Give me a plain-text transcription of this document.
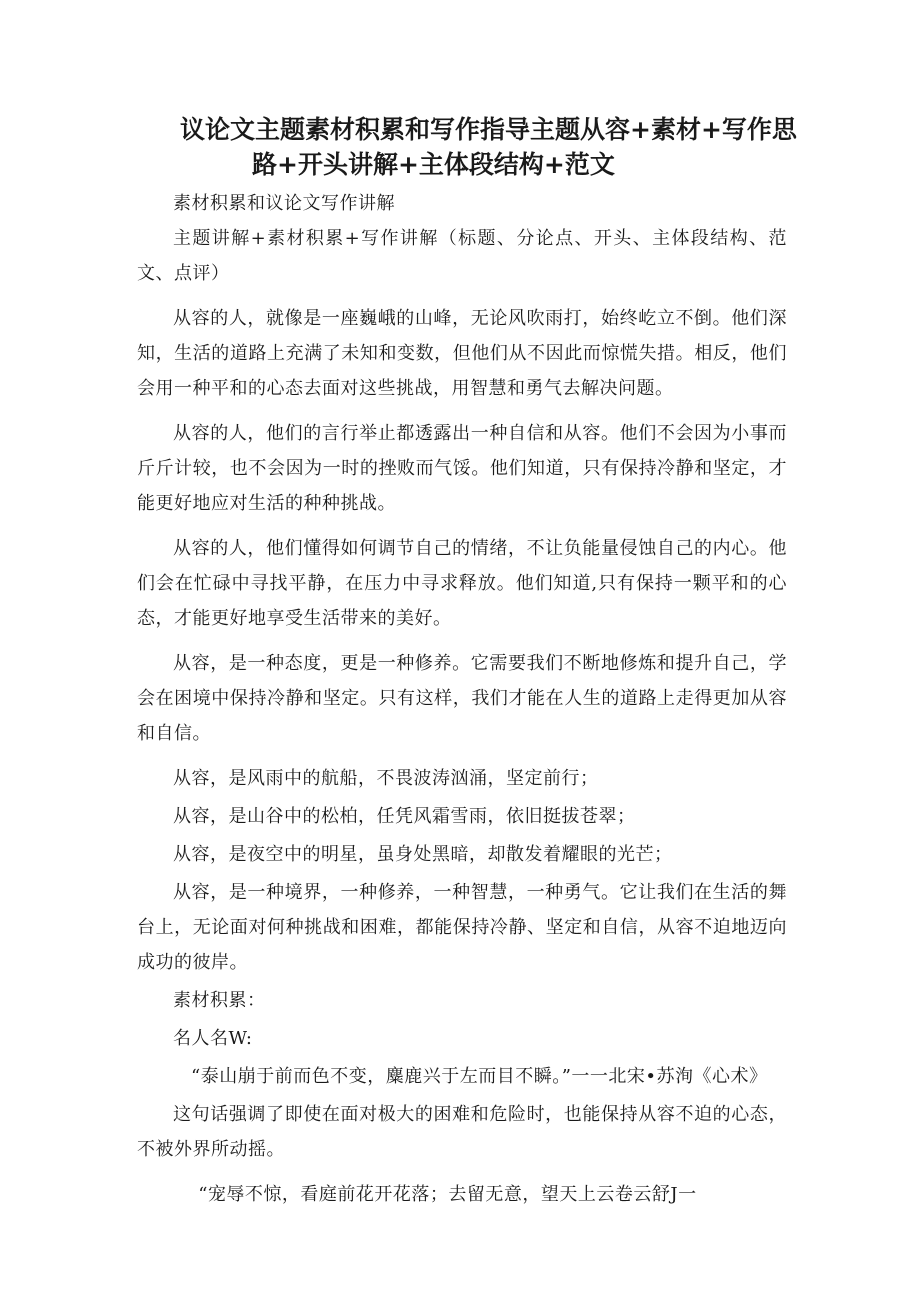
议论文主题素材积累和写作指导主题从容+素材+写作思
路+开头讲解+主体段结构+范文

素材积累和议论文写作讲解

主题讲解+素材积累+写作讲解（标题、分论点、开头、主体段结构、范文、点评）

从容的人，就像是一座巍峨的山峰，无论风吹雨打，始终屹立不倒。他们深知，生活的道路上充满了未知和变数，但他们从不因此而惊慌失措。相反，他们会用一种平和的心态去面对这些挑战，用智慧和勇气去解决问题。

从容的人，他们的言行举止都透露出一种自信和从容。他们不会因为小事而斤斤计较，也不会因为一时的挫败而气馁。他们知道，只有保持冷静和坚定，才能更好地应对生活的种种挑战。

从容的人，他们懂得如何调节自己的情绪，不让负能量侵蚀自己的内心。他们会在忙碌中寻找平静，在压力中寻求释放。他们知道,只有保持一颗平和的心态，才能更好地享受生活带来的美好。

从容，是一种态度，更是一种修养。它需要我们不断地修炼和提升自己，学会在困境中保持冷静和坚定。只有这样，我们才能在人生的道路上走得更加从容和自信。

从容，是风雨中的航船，不畏波涛汹涌，坚定前行；

从容，是山谷中的松柏，任凭风霜雪雨，依旧挺拔苍翠；

从容，是夜空中的明星，虽身处黑暗，却散发着耀眼的光芒；

从容，是一种境界，一种修养，一种智慧，一种勇气。它让我们在生活的舞台上，无论面对何种挑战和困难，都能保持冷静、坚定和自信，从容不迫地迈向成功的彼岸。

素材积累：

名人名W:

“泰山崩于前而色不变，麋鹿兴于左而目不瞬。”一一北宋•苏洵《心术》

这句话强调了即使在面对极大的困难和危险时，也能保持从容不迫的心态，不被外界所动摇。

“宠辱不惊，看庭前花开花落；去留无意，望天上云卷云舒J一
